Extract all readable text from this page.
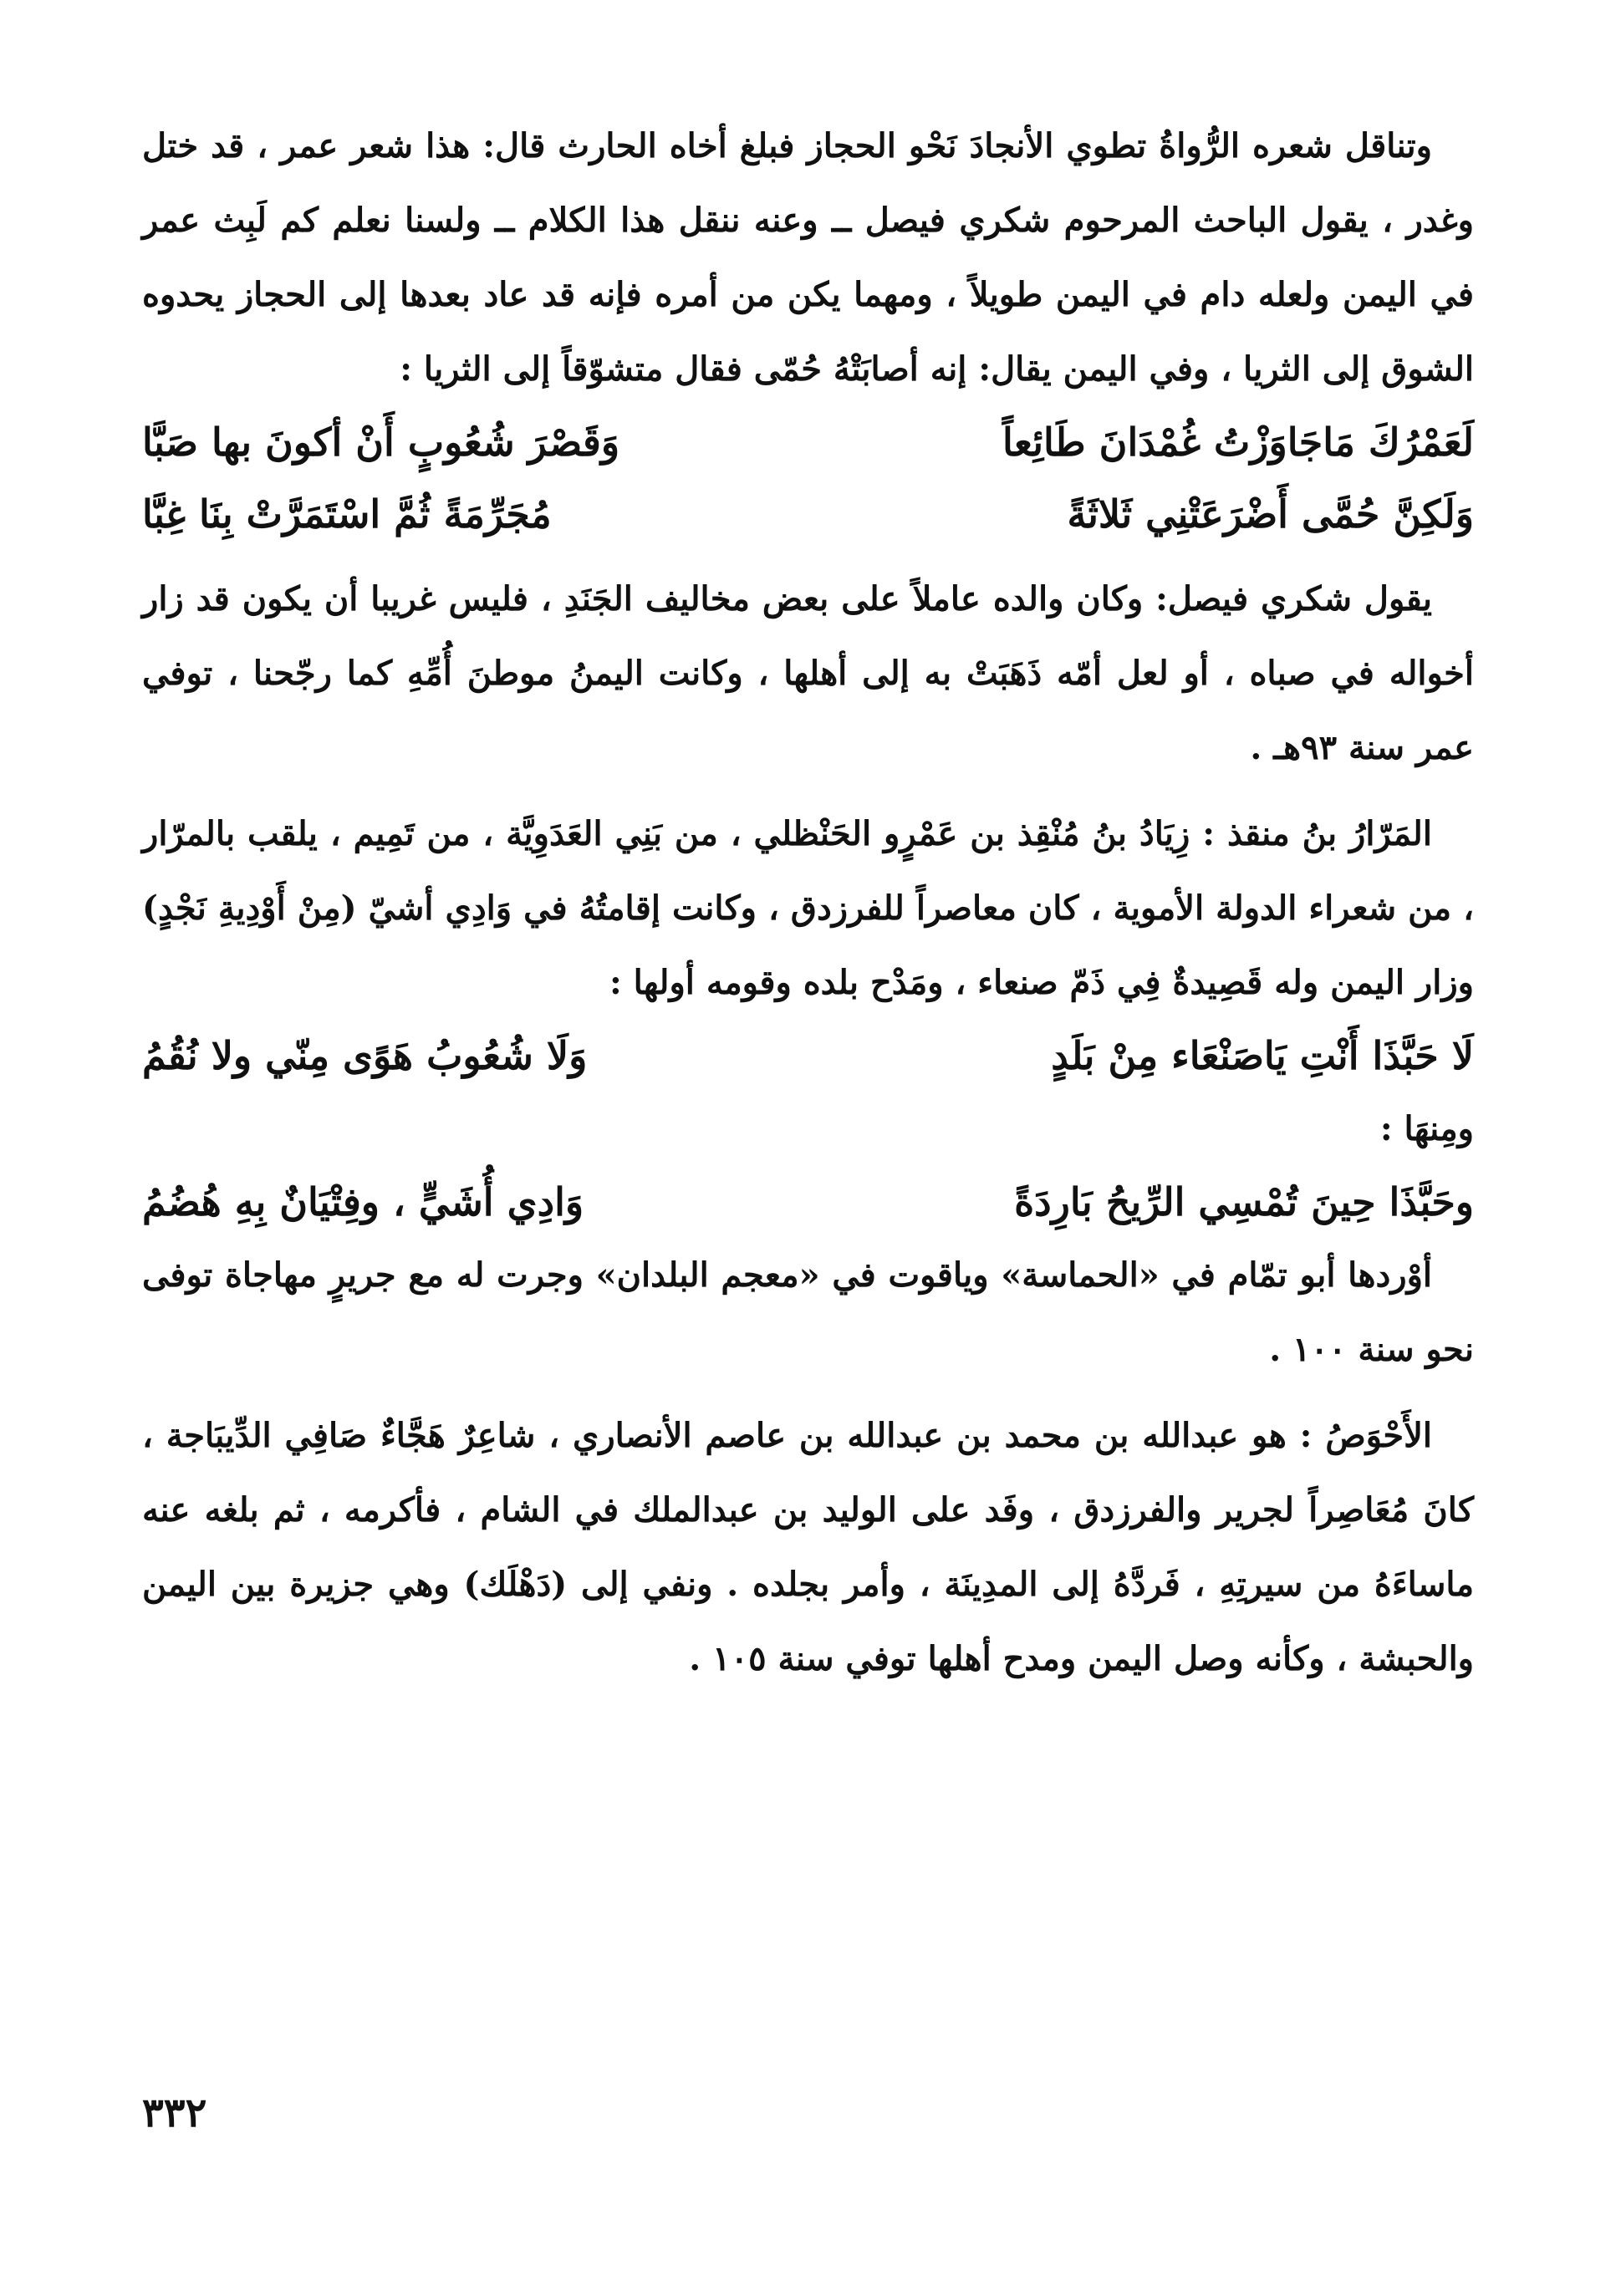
وتناقل شعره الرُّواةُ تطوي الأنجادَ نَحْو الحجاز فبلغ أخاه الحارث قال: هذا شعر عمر ، قد ختل وغدر ، يقول الباحث المرحوم شكري فيصل ــ وعنه ننقل هذا الكلام ــ ولسنا نعلم كم لَبِث عمر في اليمن ولعله دام في اليمن طويلاً ، ومهما يكن من أمره فإنه قد عاد بعدها إلى الحجاز يحدوه الشوق إلى الثريا ، وفي اليمن يقال: إنه أصابَتْهُ حُمّى فقال متشوّقاً إلى الثريا :

لَعَمْرُكَ مَاجَاوَزْتُ غُمْدَانَ طَائِعاً
وَقَصْرَ شُعُوبٍ أَنْ أكونَ بها صَبَّا
وَلَكِنَّ حُمَّى أَضْرَعَتْنِي ثَلاثَةً
مُجَرِّمَةً ثُمَّ اسْتَمَرَّتْ بِنَا غِبَّا

يقول شكري فيصل: وكان والده عاملاً على بعض مخاليف الجَنَدِ ، فليس غريبا أن يكون قد زار أخواله في صباه ، أو لعل أمّه ذَهَبَتْ به إلى أهلها ، وكانت اليمنُ موطنَ أُمِّهِ كما رجّحنا ، توفي عمر سنة ٩٣هـ .

المَرّارُ بنُ منقذ : زِيَادُ بنُ مُنْقِذ بن عَمْرٍو الحَنْظلي ، من بَنِي العَدَوِيَّة ، من تَمِيم ، يلقب بالمرّار ، من شعراء الدولة الأموية ، كان معاصراً للفرزدق ، وكانت إقامتُهُ في وَادِي أشيّ (مِنْ أَوْدِيةِ نَجْدٍ) وزار اليمن وله قَصِيدةٌ فِي ذَمّ صنعاء ، ومَدْح بلده وقومه أولها :

لَا حَبَّذَا أَنْتِ يَاصَنْعَاء مِنْ بَلَدٍ
وَلَا شُعُوبُ هَوًى مِنّي ولا نُقُمُ

ومِنهَا :

وحَبَّذَا حِينَ تُمْسِي الرِّيحُ بَارِدَةً
وَادِي أُشَيٍّ ، وفِتْيَانٌ بِهِ هُضُمُ

أوْردها أبو تمّام في «الحماسة» وياقوت في «معجم البلدان» وجرت له مع جريرٍ مهاجاة توفى نحو سنة ١٠٠ .

الأَحْوَصُ : هو عبدالله بن محمد بن عبدالله بن عاصم الأنصاري ، شاعِرٌ هَجَّاءٌ صَافِي الدِّيبَاجة ، كانَ مُعَاصِراً لجرير والفرزدق ، وفَد على الوليد بن عبدالملك في الشام ، فأكرمه ، ثم بلغه عنه ماساءَهُ من سيرتِهِ ، فَردَّهُ إلى المدِينَة ، وأمر بجلده . ونفي إلى (دَهْلَك) وهي جزيرة بين اليمن والحبشة ، وكأنه وصل اليمن ومدح أهلها توفي سنة ١٠٥ .

٣٣٢
